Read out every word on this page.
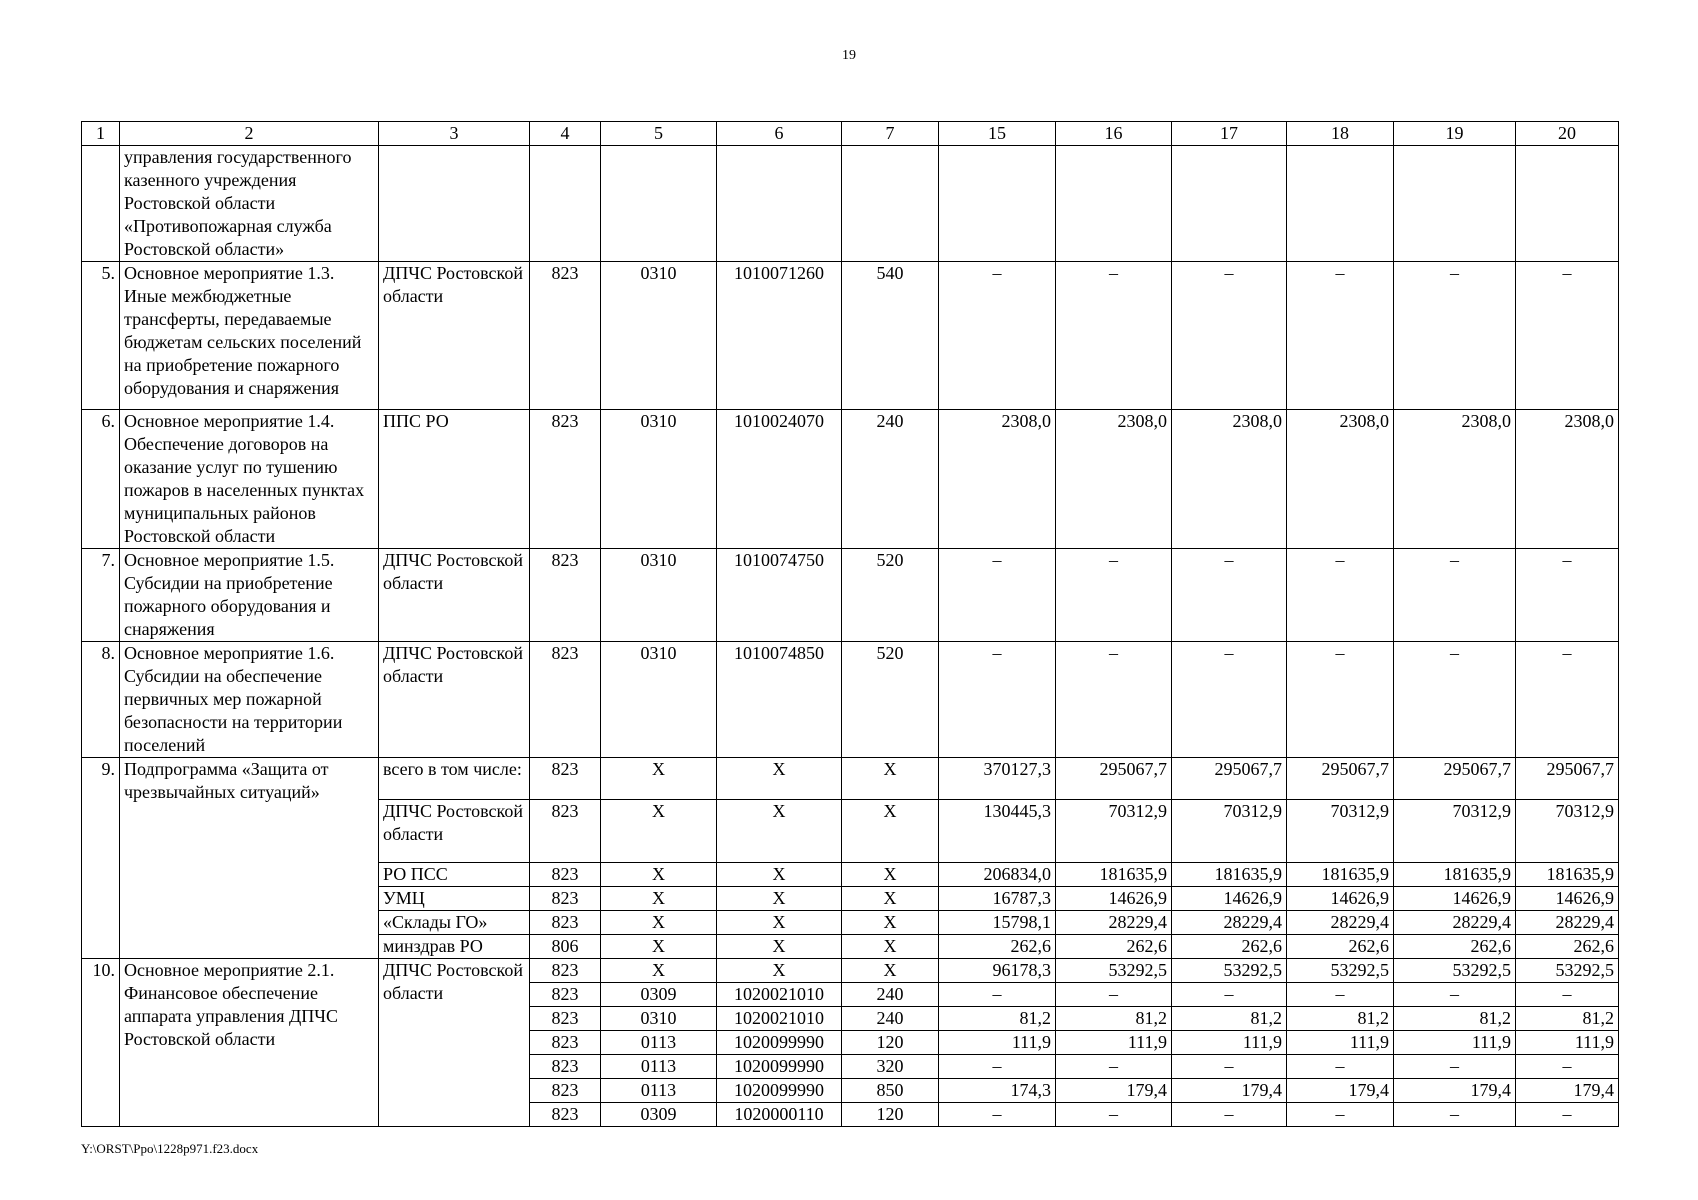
19
1	2	3	4	5	6	7	15	16	17	18	19	20
	управления государственного казенного учреждения Ростовской области «Противопожарная служба Ростовской области»											
5.	Основное мероприятие 1.3. Иные межбюджетные трансферты, передаваемые бюджетам сельских поселений на приобретение пожарного оборудования и снаряжения	ДПЧС Ростовской области	823	0310	1010071260	540	–	–	–	–	–	–
6.	Основное мероприятие 1.4. Обеспечение договоров на оказание услуг по тушению пожаров в населенных пунктах муниципальных районов Ростовской области	ППС РО	823	0310	1010024070	240	2308,0	2308,0	2308,0	2308,0	2308,0	2308,0
7.	Основное мероприятие 1.5. Субсидии на приобретение пожарного оборудования и снаряжения	ДПЧС Ростовской области	823	0310	1010074750	520	–	–	–	–	–	–
8.	Основное мероприятие 1.6. Субсидии на обеспечение первичных мер пожарной безопасности на территории поселений	ДПЧС Ростовской области	823	0310	1010074850	520	–	–	–	–	–	–
9.	Подпрограмма «Защита от чрезвычайных ситуаций»	всего в том числе:	823	Х	Х	Х	370127,3	295067,7	295067,7	295067,7	295067,7	295067,7
		ДПЧС Ростовской области	823	Х	Х	Х	130445,3	70312,9	70312,9	70312,9	70312,9	70312,9
		РО ПСС	823	Х	Х	Х	206834,0	181635,9	181635,9	181635,9	181635,9	181635,9
		УМЦ	823	Х	Х	Х	16787,3	14626,9	14626,9	14626,9	14626,9	14626,9
		«Склады ГО»	823	Х	Х	Х	15798,1	28229,4	28229,4	28229,4	28229,4	28229,4
		минздрав РО	806	Х	Х	Х	262,6	262,6	262,6	262,6	262,6	262,6
10.	Основное мероприятие 2.1. Финансовое обеспечение аппарата управления ДПЧС Ростовской области	ДПЧС Ростовской области	823	Х	Х	Х	96178,3	53292,5	53292,5	53292,5	53292,5	53292,5
			823	0309	1020021010	240	–	–	–	–	–	–
			823	0310	1020021010	240	81,2	81,2	81,2	81,2	81,2	81,2
			823	0113	1020099990	120	111,9	111,9	111,9	111,9	111,9	111,9
			823	0113	1020099990	320	–	–	–	–	–	–
			823	0113	1020099990	850	174,3	179,4	179,4	179,4	179,4	179,4
			823	0309	1020000110	120	–	–	–	–	–	–
Y:\ORST\Ppo\1228p971.f23.docx
